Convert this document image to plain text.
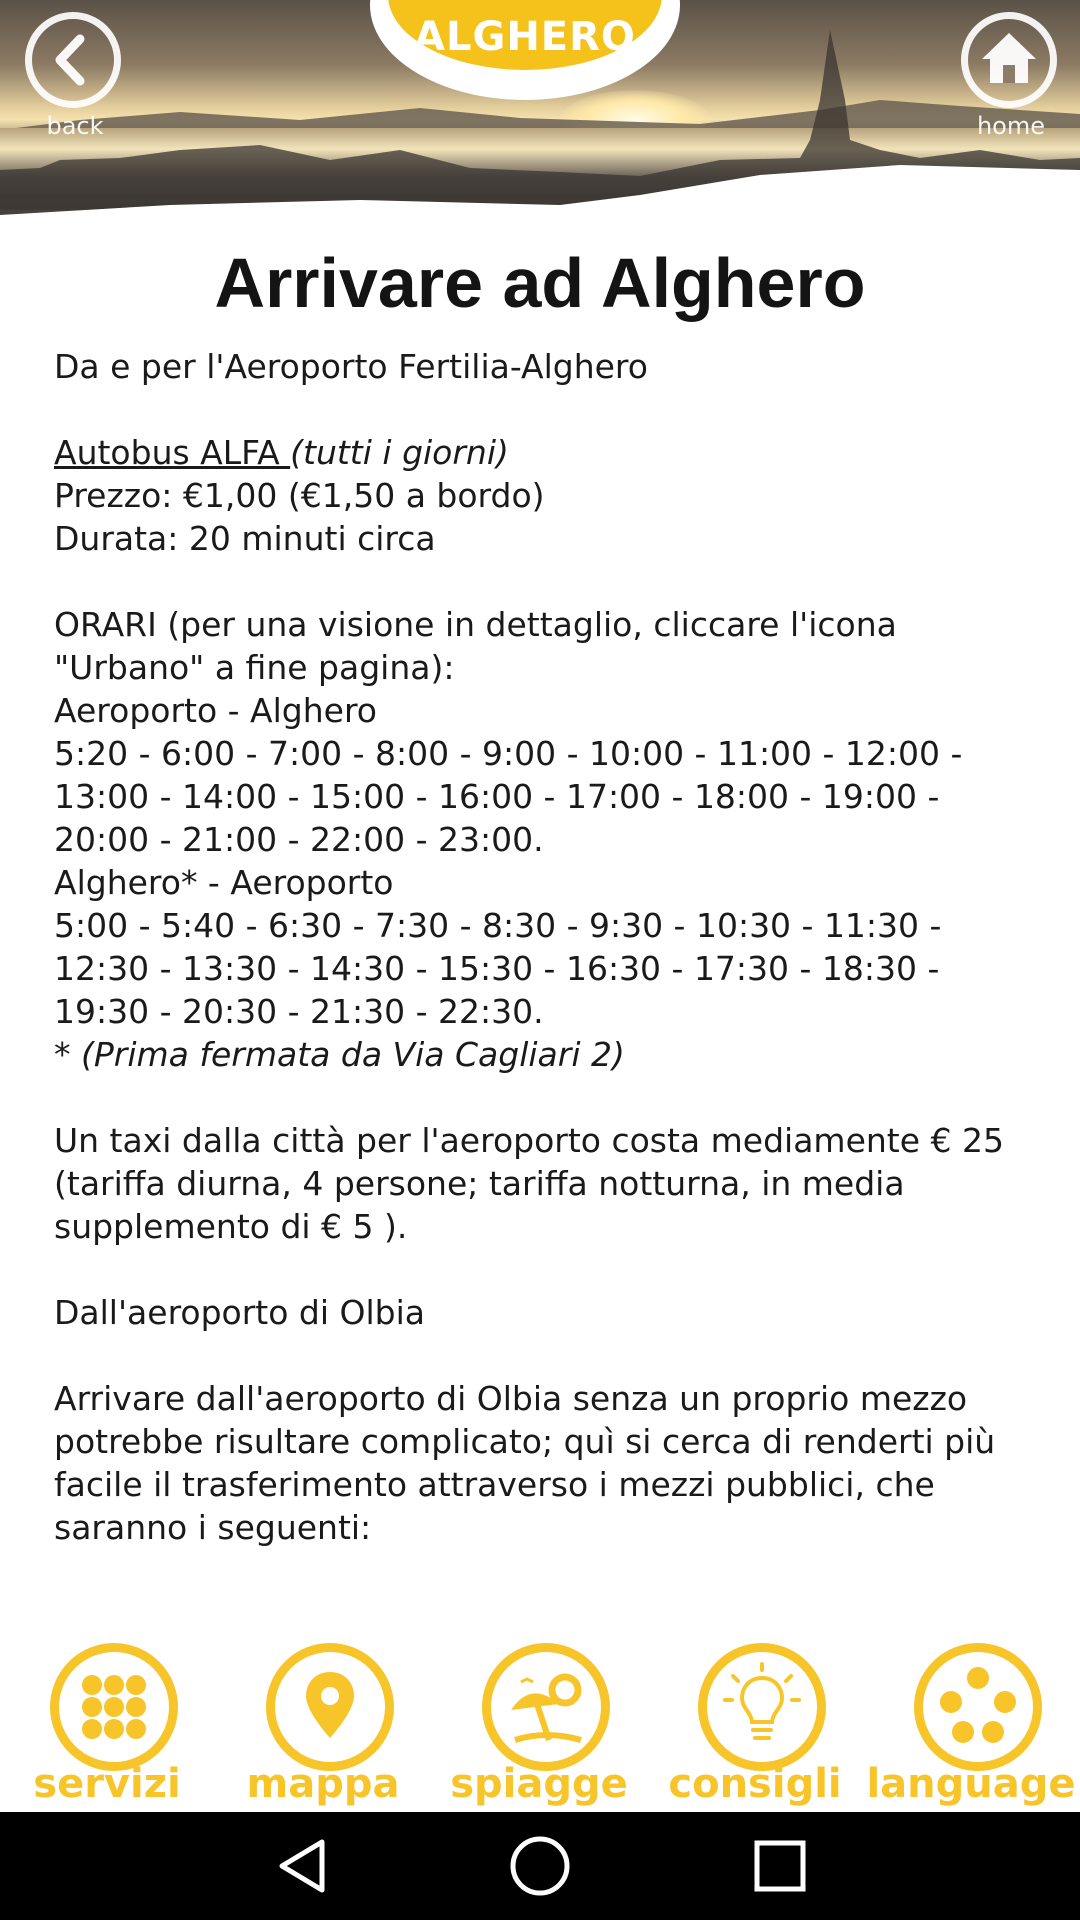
ALGHERO
back	home
Arrivare ad Alghero

Da e per l'Aeroporto Fertilia-Alghero

Autobus ALFA (tutti i giorni)

Prezzo: €1,00 (€1,50 a bordo)
Durata: 20 minuti circa

ORARI (per una visione in dettaglio, cliccare l'icona "Urbano" a fine pagina):
Aeroporto - Alghero
5:20 - 6:00 - 7:00 - 8:00 - 9:00 - 10:00 - 11:00 - 12:00 - 13:00 - 14:00 - 15:00 - 16:00 - 17:00 - 18:00 - 19:00 - 20:00 - 21:00 - 22:00 - 23:00.
Alghero* - Aeroporto
5:00 - 5:40 - 6:30 - 7:30 - 8:30 - 9:30 - 10:30 - 11:30 - 12:30 - 13:30 - 14:30 - 15:30 - 16:30 - 17:30 - 18:30 - 19:30 - 20:30 - 21:30 - 22:30.

* (Prima fermata da Via Cagliari 2)

Un taxi dalla città per l'aeroporto costa mediamente € 25 (tariffa diurna, 4 persone; tariffa notturna, in media supplemento di € 5 ).

Dall'aeroporto di Olbia

Arrivare dall'aeroporto di Olbia senza un proprio mezzo potrebbe risultare complicato; quì si cerca di renderti più facile il trasferimento attraverso i mezzi pubblici, che saranno i seguenti:

servizi	mappa	spiagge	consigli language
